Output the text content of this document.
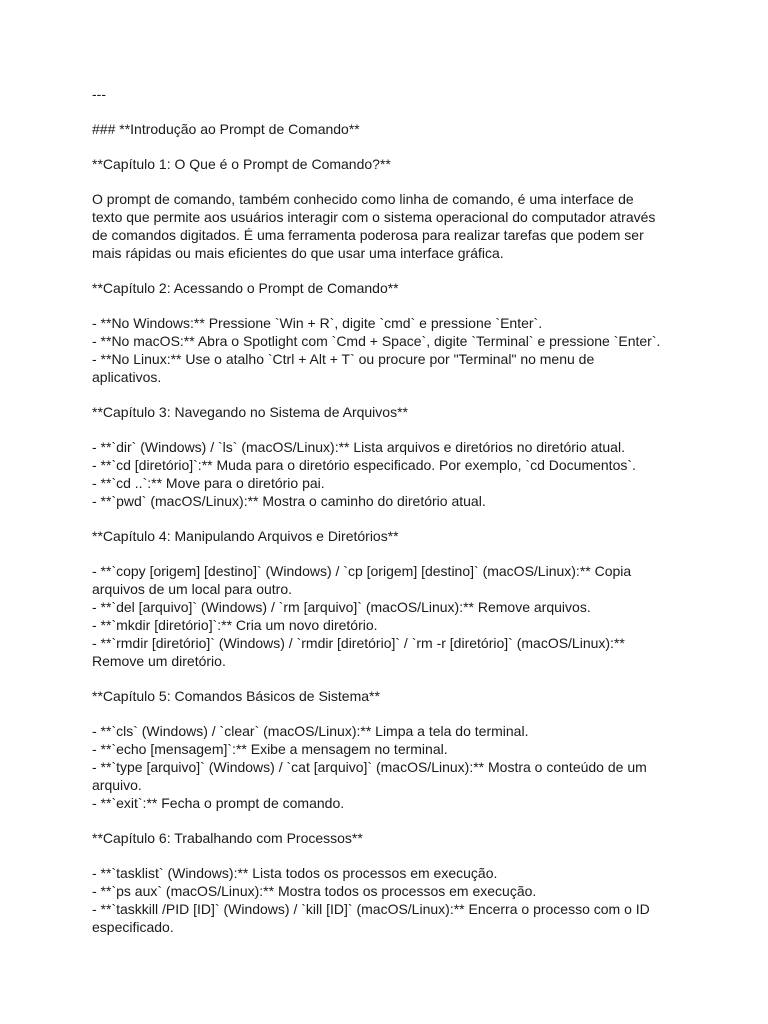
---
### **Introdução ao Prompt de Comando**
**Capítulo 1: O Que é o Prompt de Comando?**
O prompt de comando, também conhecido como linha de comando, é uma interface de
texto que permite aos usuários interagir com o sistema operacional do computador através
de comandos digitados. É uma ferramenta poderosa para realizar tarefas que podem ser
mais rápidas ou mais eficientes do que usar uma interface gráfica.
**Capítulo 2: Acessando o Prompt de Comando**
- **No Windows:** Pressione `Win + R`, digite `cmd` e pressione `Enter`.
- **No macOS:** Abra o Spotlight com `Cmd + Space`, digite `Terminal` e pressione `Enter`.
- **No Linux:** Use o atalho `Ctrl + Alt + T` ou procure por "Terminal" no menu de
aplicativos.
**Capítulo 3: Navegando no Sistema de Arquivos**
- **`dir` (Windows) / `ls` (macOS/Linux):** Lista arquivos e diretórios no diretório atual.
- **`cd [diretório]`:** Muda para o diretório especificado. Por exemplo, `cd Documentos`.
- **`cd ..`:** Move para o diretório pai.
- **`pwd` (macOS/Linux):** Mostra o caminho do diretório atual.
**Capítulo 4: Manipulando Arquivos e Diretórios**
- **`copy [origem] [destino]` (Windows) / `cp [origem] [destino]` (macOS/Linux):** Copia
arquivos de um local para outro.
- **`del [arquivo]` (Windows) / `rm [arquivo]` (macOS/Linux):** Remove arquivos.
- **`mkdir [diretório]`:** Cria um novo diretório.
- **`rmdir [diretório]` (Windows) / `rmdir [diretório]` / `rm -r [diretório]` (macOS/Linux):**
Remove um diretório.
**Capítulo 5: Comandos Básicos de Sistema**
- **`cls` (Windows) / `clear` (macOS/Linux):** Limpa a tela do terminal.
- **`echo [mensagem]`:** Exibe a mensagem no terminal.
- **`type [arquivo]` (Windows) / `cat [arquivo]` (macOS/Linux):** Mostra o conteúdo de um
arquivo.
- **`exit`:** Fecha o prompt de comando.
**Capítulo 6: Trabalhando com Processos**
- **`tasklist` (Windows):** Lista todos os processos em execução.
- **`ps aux` (macOS/Linux):** Mostra todos os processos em execução.
- **`taskkill /PID [ID]` (Windows) / `kill [ID]` (macOS/Linux):** Encerra o processo com o ID
especificado.
